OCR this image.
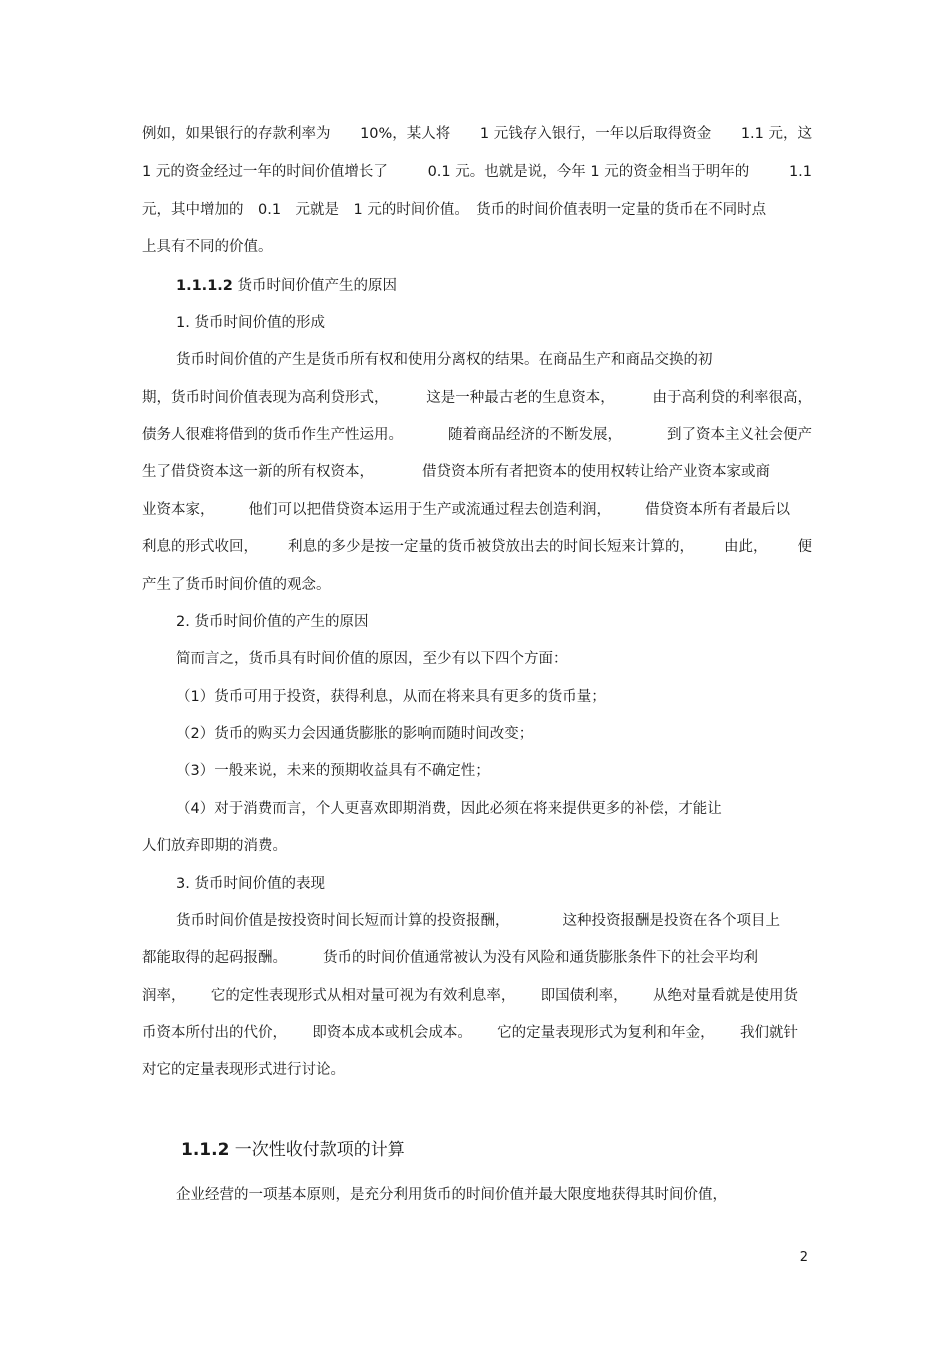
例如，如果银行的存款利率为 10%，某人将 1 元钱存入银行，一年以后取得资金 1.1 元，这
1 元的资金经过一年的时间价值增长了	0.1 元。也就是说，今年 1 元的资金相当于明年的	1.1
元，其中增加的　0.1　元就是　1 元的时间价值。　货币的时间价值表明一定量的货币在不同时点
上具有不同的价值。
1.1.1.2 货币时间价值产生的原因
1. 货币时间价值的形成
货币时间价值的产生是货币所有权和使用分离权的结果。在商品生产和商品交换的初
期，货币时间价值表现为高利贷形式，	这是一种最古老的生息资本，	由于高利贷的利率很高，
债务人很难将借到的货币作生产性运用。	随着商品经济的不断发展，	到了资本主义社会便产
生了借贷资本这一新的所有权资本，	借贷资本所有者把资本的使用权转让给产业资本家或商
业资本家， 他们可以把借贷资本运用于生产或流通过程去创造利润， 借贷资本所有者最后以
利息的形式收回， 利息的多少是按一定量的货币被贷放出去的时间长短来计算的， 由此， 便
产生了货币时间价值的观念。
2. 货币时间价值的产生的原因
简而言之，货币具有时间价值的原因，至少有以下四个方面：
（1）货币可用于投资，获得利息，从而在将来具有更多的货币量；
（2）货币的购买力会因通货膨胀的影响而随时间改变；
（3）一般来说，未来的预期收益具有不确定性；
（4）对于消费而言，个人更喜欢即期消费，因此必须在将来提供更多的补偿，才能让
人们放弃即期的消费。
3. 货币时间价值的表现
货币时间价值是按投资时间长短而计算的投资报酬，	这种投资报酬是投资在各个项目上
都能取得的起码报酬。 货币的时间价值通常被认为没有风险和通货膨胀条件下的社会平均利
润率， 它的定性表现形式从相对量可视为有效利息率， 即国债利率， 从绝对量看就是使用货
币资本所付出的代价， 即资本成本或机会成本。 它的定量表现形式为复利和年金， 我们就针
对它的定量表现形式进行讨论。
1.1.2 一次性收付款项的计算
企业经营的一项基本原则，是充分利用货币的时间价值并最大限度地获得其时间价值，
2
